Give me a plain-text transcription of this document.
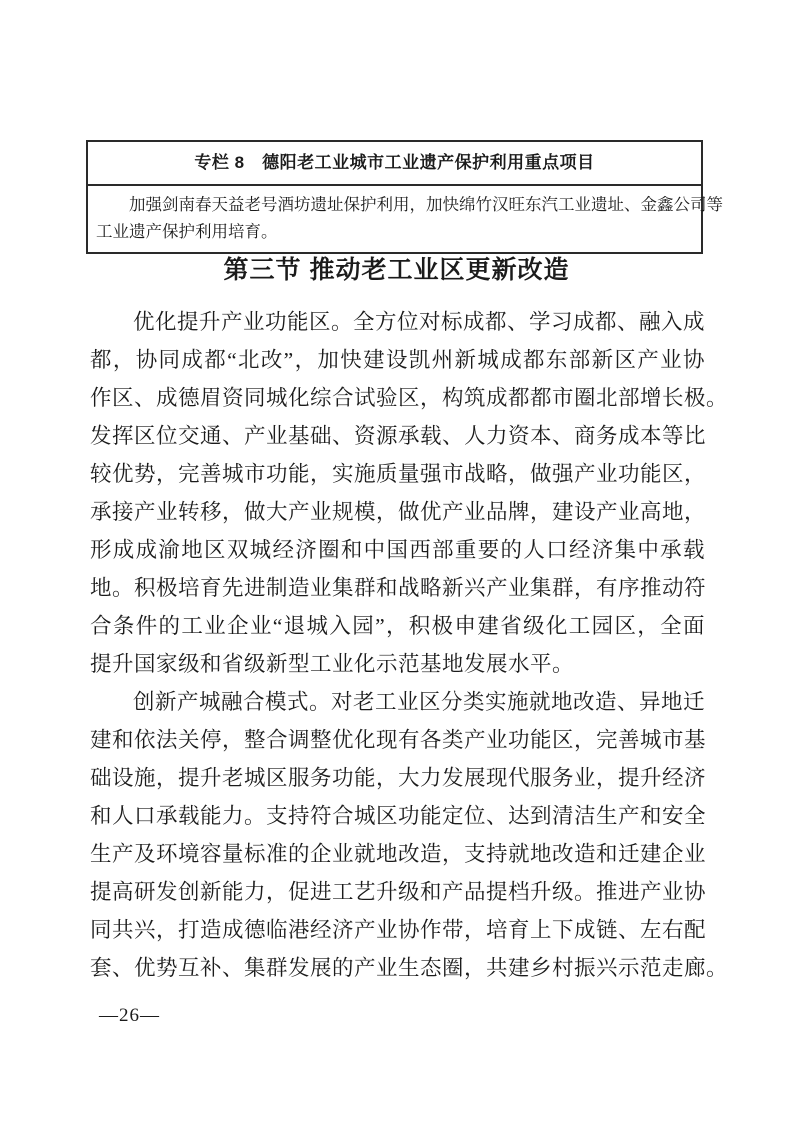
专栏 8　德阳老工业城市工业遗产保护利用重点项目
加强剑南春天益老号酒坊遗址保护利用，加快绵竹汉旺东汽工业遗址、金鑫公司等
工业遗产保护利用培育。
第三节 推动老工业区更新改造
优化提升产业功能区。全方位对标成都、学习成都、融入成
都，协同成都“北改”，加快建设凯州新城成都东部新区产业协
作区、成德眉资同城化综合试验区，构筑成都都市圈北部增长极。
发挥区位交通、产业基础、资源承载、人力资本、商务成本等比
较优势，完善城市功能，实施质量强市战略，做强产业功能区，
承接产业转移，做大产业规模，做优产业品牌，建设产业高地，
形成成渝地区双城经济圈和中国西部重要的人口经济集中承载
地。积极培育先进制造业集群和战略新兴产业集群，有序推动符
合条件的工业企业“退城入园”，积极申建省级化工园区，全面
提升国家级和省级新型工业化示范基地发展水平。
创新产城融合模式。对老工业区分类实施就地改造、异地迁
建和依法关停，整合调整优化现有各类产业功能区，完善城市基
础设施，提升老城区服务功能，大力发展现代服务业，提升经济
和人口承载能力。支持符合城区功能定位、达到清洁生产和安全
生产及环境容量标准的企业就地改造，支持就地改造和迁建企业
提高研发创新能力，促进工艺升级和产品提档升级。推进产业协
同共兴，打造成德临港经济产业协作带，培育上下成链、左右配
套、优势互补、集群发展的产业生态圈，共建乡村振兴示范走廊。
—26—
